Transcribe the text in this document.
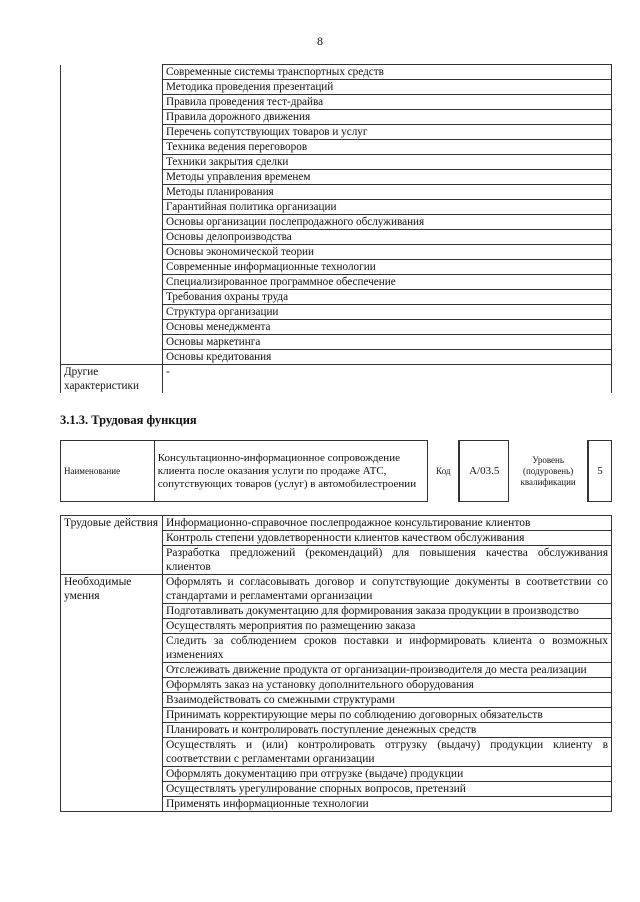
8
	Современные системы транспортных средств
	Методика проведения презентаций
	Правила проведения тест-драйва
	Правила дорожного движения
	Перечень сопутствующих товаров и услуг
	Техника ведения переговоров
	Техники закрытия сделки
	Методы управления временем
	Методы планирования
	Гарантийная политика организации
	Основы организации послепродажного обслуживания
	Основы делопроизводства
	Основы экономической теории
	Современные информационные технологии
	Специализированное программное обеспечение
	Требования охраны труда
	Структура организации
	Основы менеджмента
	Основы маркетинга
	Основы кредитования
Другие характеристики	-
3.1.3. Трудовая функция
Наименование	Консультационно-информационное сопровождение клиента после оказания услуги по продаже АТС, сопутствующих товаров (услуг) в автомобилестроении	Код	А/03.5	Уровень (подуровень) квалификации	5
Трудовые действия	Информационно-справочное послепродажное консультирование клиентов
	Контроль степени удовлетворенности клиентов качеством обслуживания
	Разработка предложений (рекомендаций) для повышения качества обслуживания клиентов
Необходимые умения	Оформлять и согласовывать договор и сопутствующие документы в соответствии со стандартами и регламентами организации
	Подготавливать документацию для формирования заказа продукции в производство
	Осуществлять мероприятия по размещению заказа
	Следить за соблюдением сроков поставки и информировать клиента о возможных изменениях
	Отслеживать движение продукта от организации-производителя до места реализации
	Оформлять заказ на установку дополнительного оборудования
	Взаимодействовать со смежными структурами
	Принимать корректирующие меры по соблюдению договорных обязательств
	Планировать и контролировать поступление денежных средств
	Осуществлять и (или) контролировать отгрузку (выдачу) продукции клиенту в соответствии с регламентами организации
	Оформлять документацию при отгрузке (выдаче) продукции
	Осуществлять урегулирование спорных вопросов, претензий
	Применять информационные технологии
